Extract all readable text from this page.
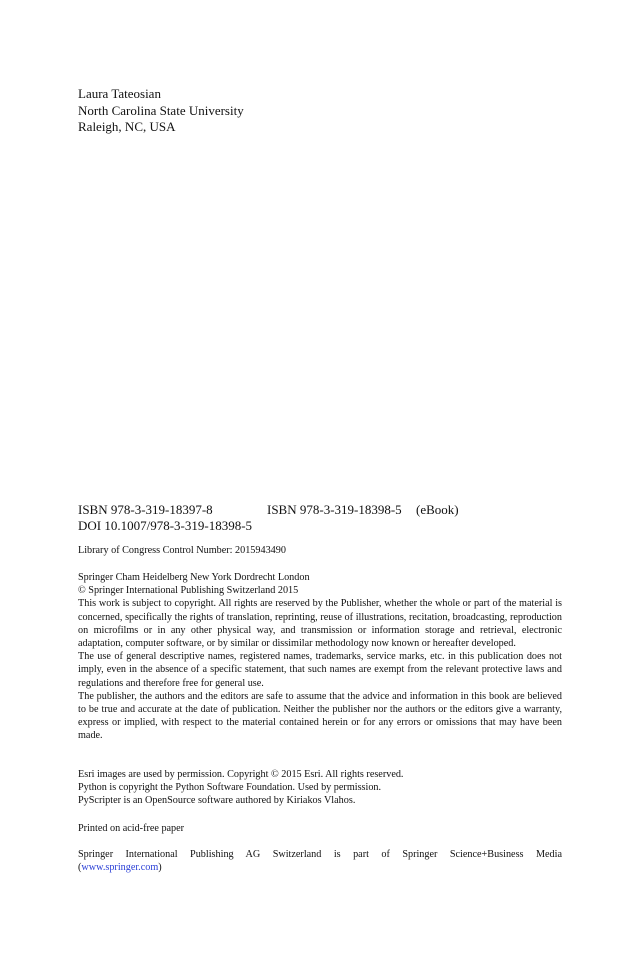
Laura Tateosian
North Carolina State University
Raleigh, NC, USA
ISBN 978-3-319-18397-8	ISBN 978-3-319-18398-5 (eBook)
DOI 10.1007/978-3-319-18398-5
Library of Congress Control Number: 2015943490
Springer Cham Heidelberg New York Dordrecht London
© Springer International Publishing Switzerland 2015
This work is subject to copyright. All rights are reserved by the Publisher, whether the whole or part of the material is concerned, specifically the rights of translation, reprinting, reuse of illustrations, recitation, broadcasting, reproduction on microfilms or in any other physical way, and transmission or information storage and retrieval, electronic adaptation, computer software, or by similar or dissimilar methodology now known or hereafter developed.
The use of general descriptive names, registered names, trademarks, service marks, etc. in this publication does not imply, even in the absence of a specific statement, that such names are exempt from the relevant protective laws and regulations and therefore free for general use.
The publisher, the authors and the editors are safe to assume that the advice and information in this book are believed to be true and accurate at the date of publication. Neither the publisher nor the authors or the editors give a warranty, express or implied, with respect to the material contained herein or for any errors or omissions that may have been made.
Esri images are used by permission. Copyright © 2015 Esri. All rights reserved.
Python is copyright the Python Software Foundation. Used by permission.
PyScripter is an OpenSource software authored by Kiriakos Vlahos.
Printed on acid-free paper
Springer International Publishing AG Switzerland is part of Springer Science+Business Media
(www.springer.com)
